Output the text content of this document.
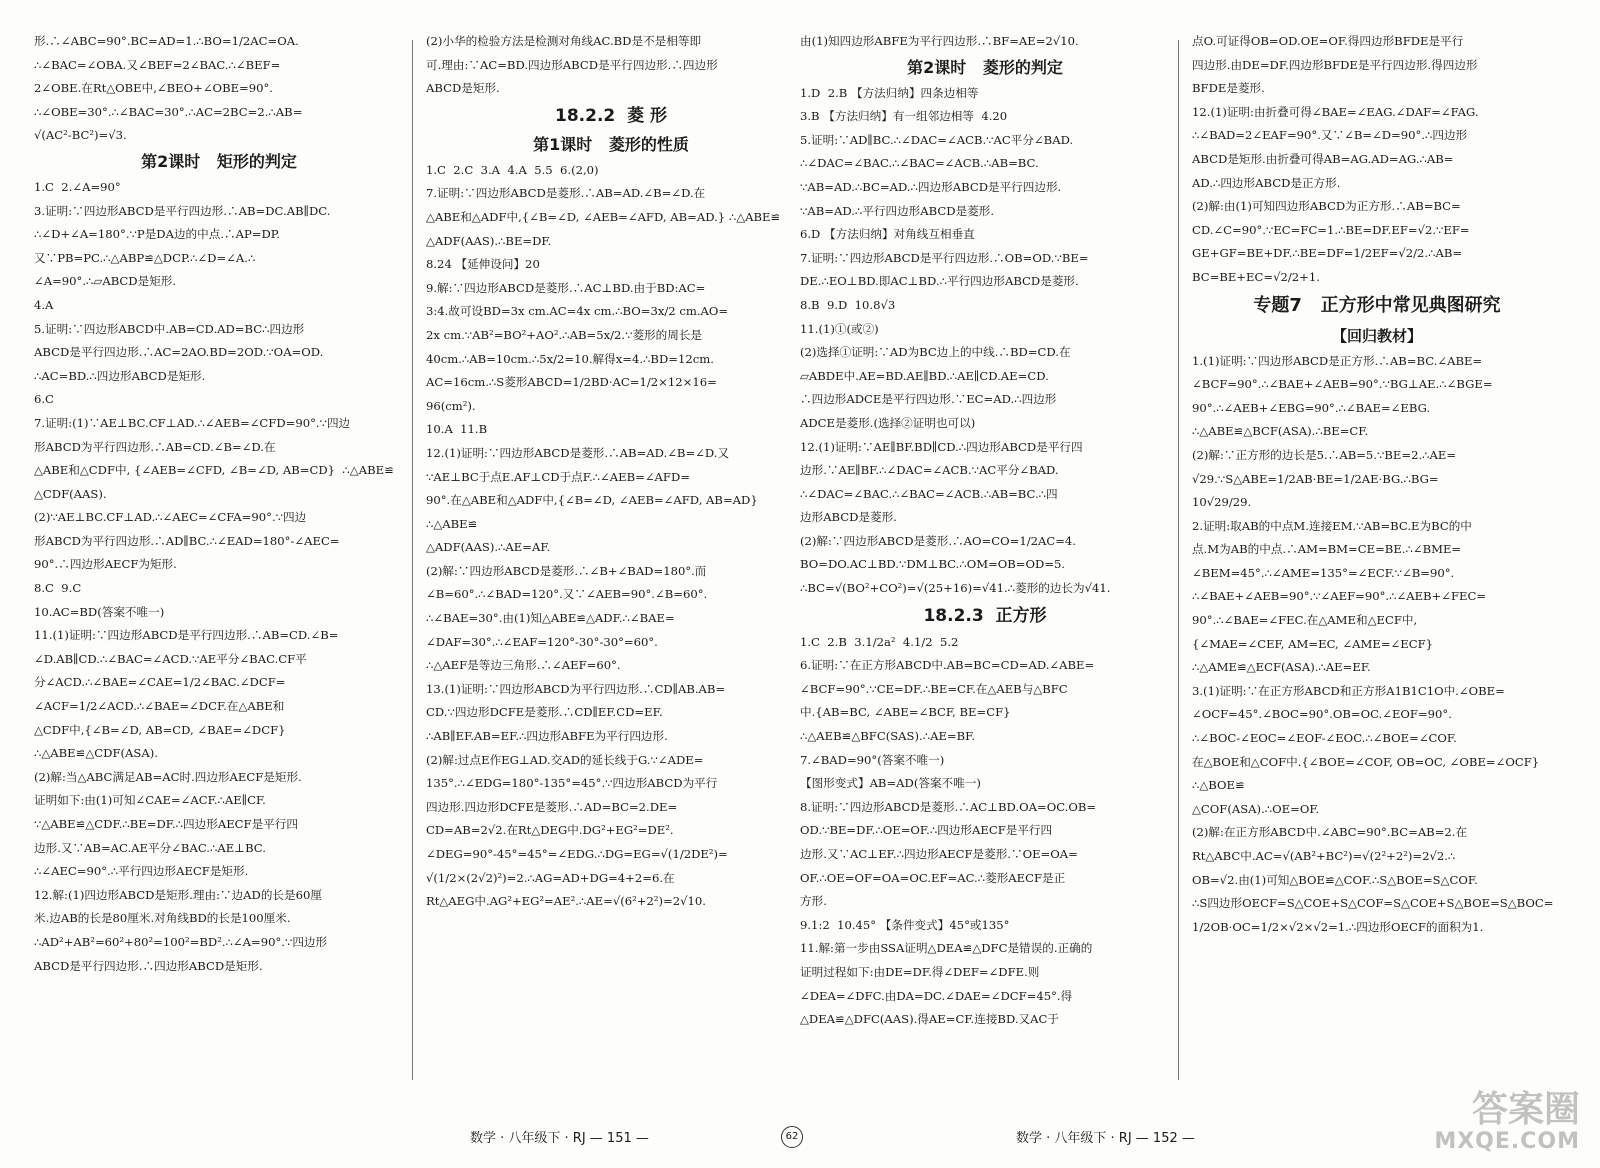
形.∴∠ABC=90°.BC=AD=1.∴BO=1/2AC=OA.

∴∠BAC=∠OBA.又∠BEF=2∠BAC.∴∠BEF=

2∠OBE.在Rt△OBE中,∠BEO+∠OBE=90°.

∴∠OBE=30°.∴∠BAC=30°.∴AC=2BC=2.∴AB=

√(AC²-BC²)=√3.

第2课时   矩形的判定

1.C  2.∠A=90°

3.证明:∵四边形ABCD是平行四边形.∴AB=DC.AB∥DC.

∴∠D+∠A=180°.∵P是DA边的中点.∴AP=DP.

又∵PB=PC.∴△ABP≌△DCP.∴∠D=∠A.∴

∠A=90°.∴▱ABCD是矩形.

4.A

5.证明:∵四边形ABCD中.AB=CD.AD=BC∴四边形

ABCD是平行四边形.∴AC=2AO.BD=2OD.∵OA=OD.

∴AC=BD.∴四边形ABCD是矩形.

6.C

7.证明:(1)∵AE⊥BC.CF⊥AD.∴∠AEB=∠CFD=90°.∵四边

形ABCD为平行四边形.∴AB=CD.∠B=∠D.在

△ABE和△CDF中, {∠AEB=∠CFD, ∠B=∠D, AB=CD}  ∴△ABE≌

△CDF(AAS).

(2)∵AE⊥BC.CF⊥AD.∴∠AEC=∠CFA=90°.∵四边

形ABCD为平行四边形.∴AD∥BC.∴∠EAD=180°-∠AEC=

90°.∴四边形AECF为矩形.

8.C  9.C

10.AC=BD(答案不唯一)

11.(1)证明:∵四边形ABCD是平行四边形.∴AB=CD.∠B=

∠D.AB∥CD.∴∠BAC=∠ACD.∵AE平分∠BAC.CF平

分∠ACD.∴∠BAE=∠CAE=1/2∠BAC.∠DCF=

∠ACF=1/2∠ACD.∴∠BAE=∠DCF.在△ABE和

△CDF中,{∠B=∠D, AB=CD, ∠BAE=∠DCF} ∴△ABE≌△CDF(ASA).

(2)解:当△ABC满足AB=AC时.四边形AECF是矩形.

证明如下:由(1)可知∠CAE=∠ACF.∴AE∥CF.

∵△ABE≌△CDF.∴BE=DF.∴四边形AECF是平行四

边形.又∵AB=AC.AE平分∠BAC.∴AE⊥BC.

∴∠AEC=90°.∴平行四边形AECF是矩形.

12.解:(1)四边形ABCD是矩形.理由:∵边AD的长是60厘

米.边AB的长是80厘米.对角线BD的长是100厘米.

∴AD²+AB²=60²+80²=100²=BD².∴∠A=90°.∵四边形

ABCD是平行四边形.∴四边形ABCD是矩形.

(2)小华的检验方法是检测对角线AC.BD是不是相等即

可.理由:∵AC=BD.四边形ABCD是平行四边形.∴四边形

ABCD是矩形.

18.2.2  菱 形

第1课时   菱形的性质

1.C  2.C  3.A  4.A  5.5  6.(2,0)

7.证明:∵四边形ABCD是菱形.∴AB=AD.∠B=∠D.在

△ABE和△ADF中,{∠B=∠D, ∠AEB=∠AFD, AB=AD.} ∴△ABE≌

△ADF(AAS).∴BE=DF.

8.24 【延伸设问】20

9.解:∵四边形ABCD是菱形.∴AC⊥BD.由于BD:AC=

3:4.故可设BD=3x cm.AC=4x cm.∴BO=3x/2 cm.AO=

2x cm.∵AB²=BO²+AO².∴AB=5x/2.∵菱形的周长是

40cm.∴AB=10cm.∴5x/2=10.解得x=4.∴BD=12cm.

AC=16cm.∴S菱形ABCD=1/2BD·AC=1/2×12×16=

96(cm²).

10.A  11.B

12.(1)证明:∵四边形ABCD是菱形.∴AB=AD.∠B=∠D.又

∵AE⊥BC于点E.AF⊥CD于点F.∴∠AEB=∠AFD=

90°.在△ABE和△ADF中,{∠B=∠D, ∠AEB=∠AFD, AB=AD} ∴△ABE≌

△ADF(AAS).∴AE=AF.

(2)解:∵四边形ABCD是菱形.∴∠B+∠BAD=180°.而

∠B=60°.∴∠BAD=120°.又∵∠AEB=90°.∠B=60°.

∴∠BAE=30°.由(1)知△ABE≌△ADF.∴∠BAE=

∠DAF=30°.∴∠EAF=120°-30°-30°=60°.

∴△AEF是等边三角形.∴∠AEF=60°.

13.(1)证明:∵四边形ABCD为平行四边形.∴CD∥AB.AB=

CD.∵四边形DCFE是菱形.∴CD∥EF.CD=EF.

∴AB∥EF.AB=EF.∴四边形ABFE为平行四边形.

(2)解:过点E作EG⊥AD.交AD的延长线于G.∵∠ADE=

135°.∴∠EDG=180°-135°=45°.∵四边形ABCD为平行

四边形.四边形DCFE是菱形.∴AD=BC=2.DE=

CD=AB=2√2.在Rt△DEG中.DG²+EG²=DE².

∠DEG=90°-45°=45°=∠EDG.∴DG=EG=√(1/2DE²)=

√(1/2×(2√2)²)=2.∴AG=AD+DG=4+2=6.在

Rt△AEG中.AG²+EG²=AE².∴AE=√(6²+2²)=2√10.

由(1)知四边形ABFE为平行四边形.∴BF=AE=2√10.

第2课时   菱形的判定

1.D  2.B 【方法归纳】四条边相等

3.B 【方法归纳】有一组邻边相等  4.20

5.证明:∵AD∥BC.∴∠DAC=∠ACB.∵AC平分∠BAD.

∴∠DAC=∠BAC.∴∠BAC=∠ACB.∴AB=BC.

∵AB=AD.∴BC=AD.∴四边形ABCD是平行四边形.

∵AB=AD.∴平行四边形ABCD是菱形.

6.D 【方法归纳】对角线互相垂直

7.证明:∵四边形ABCD是平行四边形.∴OB=OD.∵BE=

DE.∴EO⊥BD.即AC⊥BD.∴平行四边形ABCD是菱形.

8.B  9.D  10.8√3

11.(1)①(或②)

(2)选择①证明:∵AD为BC边上的中线.∴BD=CD.在

▱ABDE中.AE=BD.AE∥BD.∴AE∥CD.AE=CD.

∴四边形ADCE是平行四边形.∵EC=AD.∴四边形

ADCE是菱形.(选择②证明也可以)

12.(1)证明:∵AE∥BF.BD∥CD.∴四边形ABCD是平行四

边形.∵AE∥BF.∴∠DAC=∠ACB.∵AC平分∠BAD.

∴∠DAC=∠BAC.∴∠BAC=∠ACB.∴AB=BC.∴四

边形ABCD是菱形.

(2)解:∵四边形ABCD是菱形.∴AO=CO=1/2AC=4.

BO=DO.AC⊥BD.∵DM⊥BC.∴OM=OB=OD=5.

∴BC=√(BO²+CO²)=√(25+16)=√41.∴菱形的边长为√41.

18.2.3  正方形

1.C  2.B  3.1/2a²  4.1/2  5.2

6.证明:∵在正方形ABCD中.AB=BC=CD=AD.∠ABE=

∠BCF=90°.∵CE=DF.∴BE=CF.在△AEB与△BFC

中.{AB=BC, ∠ABE=∠BCF, BE=CF} ∴△AEB≌△BFC(SAS).∴AE=BF.

7.∠BAD=90°(答案不唯一)

【图形变式】AB=AD(答案不唯一)

8.证明:∵四边形ABCD是菱形.∴AC⊥BD.OA=OC.OB=

OD.∵BE=DF.∴OE=OF.∴四边形AECF是平行四

边形.又∵AC⊥EF.∴四边形AECF是菱形.∵OE=OA=

OF.∴OE=OF=OA=OC.EF=AC.∴菱形AECF是正

方形.

9.1:2  10.45° 【条件变式】45°或135°

11.解:第一步由SSA证明△DEA≌△DFC是错误的.正确的

证明过程如下:由DE=DF.得∠DEF=∠DFE.则

∠DEA=∠DFC.由DA=DC.∠DAE=∠DCF=45°.得

△DEA≌△DFC(AAS).得AE=CF.连接BD.又AC于

点O.可证得OB=OD.OE=OF.得四边形BFDE是平行

四边形.由DE=DF.四边形BFDE是平行四边形.得四边形

BFDE是菱形.

12.(1)证明:由折叠可得∠BAE=∠EAG.∠DAF=∠FAG.

∴∠BAD=2∠EAF=90°.又∵∠B=∠D=90°.∴四边形

ABCD是矩形.由折叠可得AB=AG.AD=AG.∴AB=

AD.∴四边形ABCD是正方形.

(2)解:由(1)可知四边形ABCD为正方形.∴AB=BC=

CD.∠C=90°.∵EC=FC=1.∴BE=DF.EF=√2.∵EF=

GE+GF=BE+DF.∴BE=DF=1/2EF=√2/2.∴AB=

BC=BE+EC=√2/2+1.

专题7   正方形中常见典图研究

【回归教材】

1.(1)证明:∵四边形ABCD是正方形.∴AB=BC.∠ABE=

∠BCF=90°.∴∠BAE+∠AEB=90°.∵BG⊥AE.∴∠BGE=

90°.∴∠AEB+∠EBG=90°.∴∠BAE=∠EBG.

∴△ABE≌△BCF(ASA).∴BE=CF.

(2)解:∵正方形的边长是5.∴AB=5.∵BE=2.∴AE=

√29.∵S△ABE=1/2AB·BE=1/2AE·BG.∴BG=

10√29/29.

2.证明:取AB的中点M.连接EM.∵AB=BC.E为BC的中

点.M为AB的中点.∴AM=BM=CE=BE.∴∠BME=

∠BEM=45°.∴∠AME=135°=∠ECF.∵∠B=90°.

∴∠BAE+∠AEB=90°.∵∠AEF=90°.∴∠AEB+∠FEC=

90°.∴∠BAE=∠FEC.在△AME和△ECF中,

{∠MAE=∠CEF, AM=EC, ∠AME=∠ECF} ∴△AME≌△ECF(ASA).∴AE=EF.

3.(1)证明:∵在正方形ABCD和正方形A1B1C1O中.∠OBE=

∠OCF=45°.∠BOC=90°.OB=OC.∠EOF=90°.

∴∠BOC-∠EOC=∠EOF-∠EOC.∴∠BOE=∠COF.

在△BOE和△COF中.{∠BOE=∠COF, OB=OC, ∠OBE=∠OCF} ∴△BOE≌

△COF(ASA).∴OE=OF.

(2)解:在正方形ABCD中.∠ABC=90°.BC=AB=2.在

Rt△ABC中.AC=√(AB²+BC²)=√(2²+2²)=2√2.∴

OB=√2.由(1)可知△BOE≌△COF.∴S△BOE=S△COF.

∴S四边形OECF=S△COE+S△COF=S△COE+S△BOE=S△BOC=

1/2OB·OC=1/2×√2×√2=1.∴四边形OECF的面积为1.

数学 · 八年级下 · RJ — 151 —	62	数学 · 八年级下 · RJ — 152 —
答案圈
MXQE.COM
